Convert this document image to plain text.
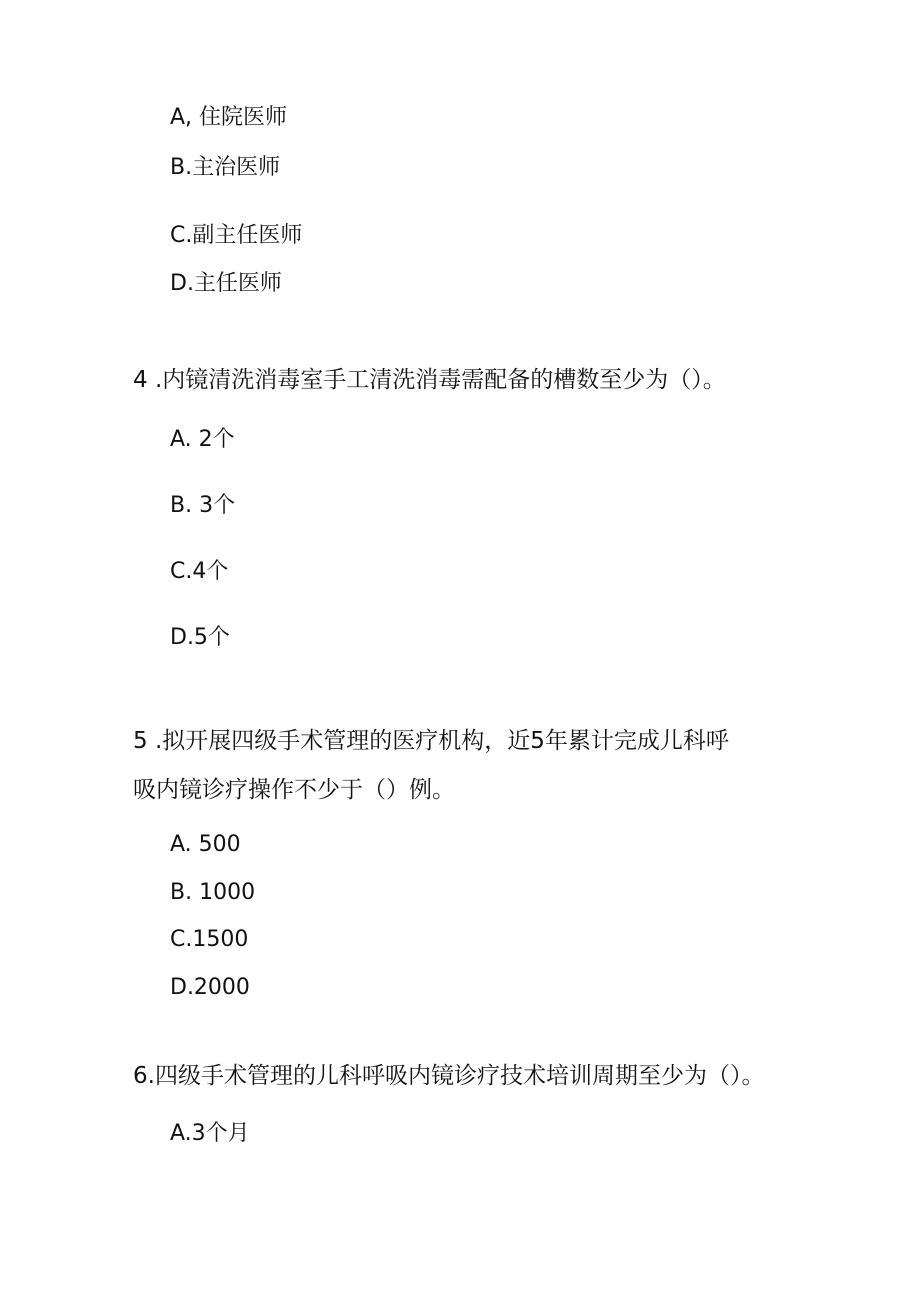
A, 住院医师
B.主治医师
C.副主任医师
D.主任医师
4 .内镜清洗消毒室手工清洗消毒需配备的槽数至少为（）。
A. 2个
B. 3个
C.4个
D.5个
5 .拟开展四级手术管理的医疗机构，近5年累计完成儿科呼
吸内镜诊疗操作不少于（）例。
A. 500
B. 1000
C.1500
D.2000
6.四级手术管理的儿科呼吸内镜诊疗技术培训周期至少为（）。
A.3个月
